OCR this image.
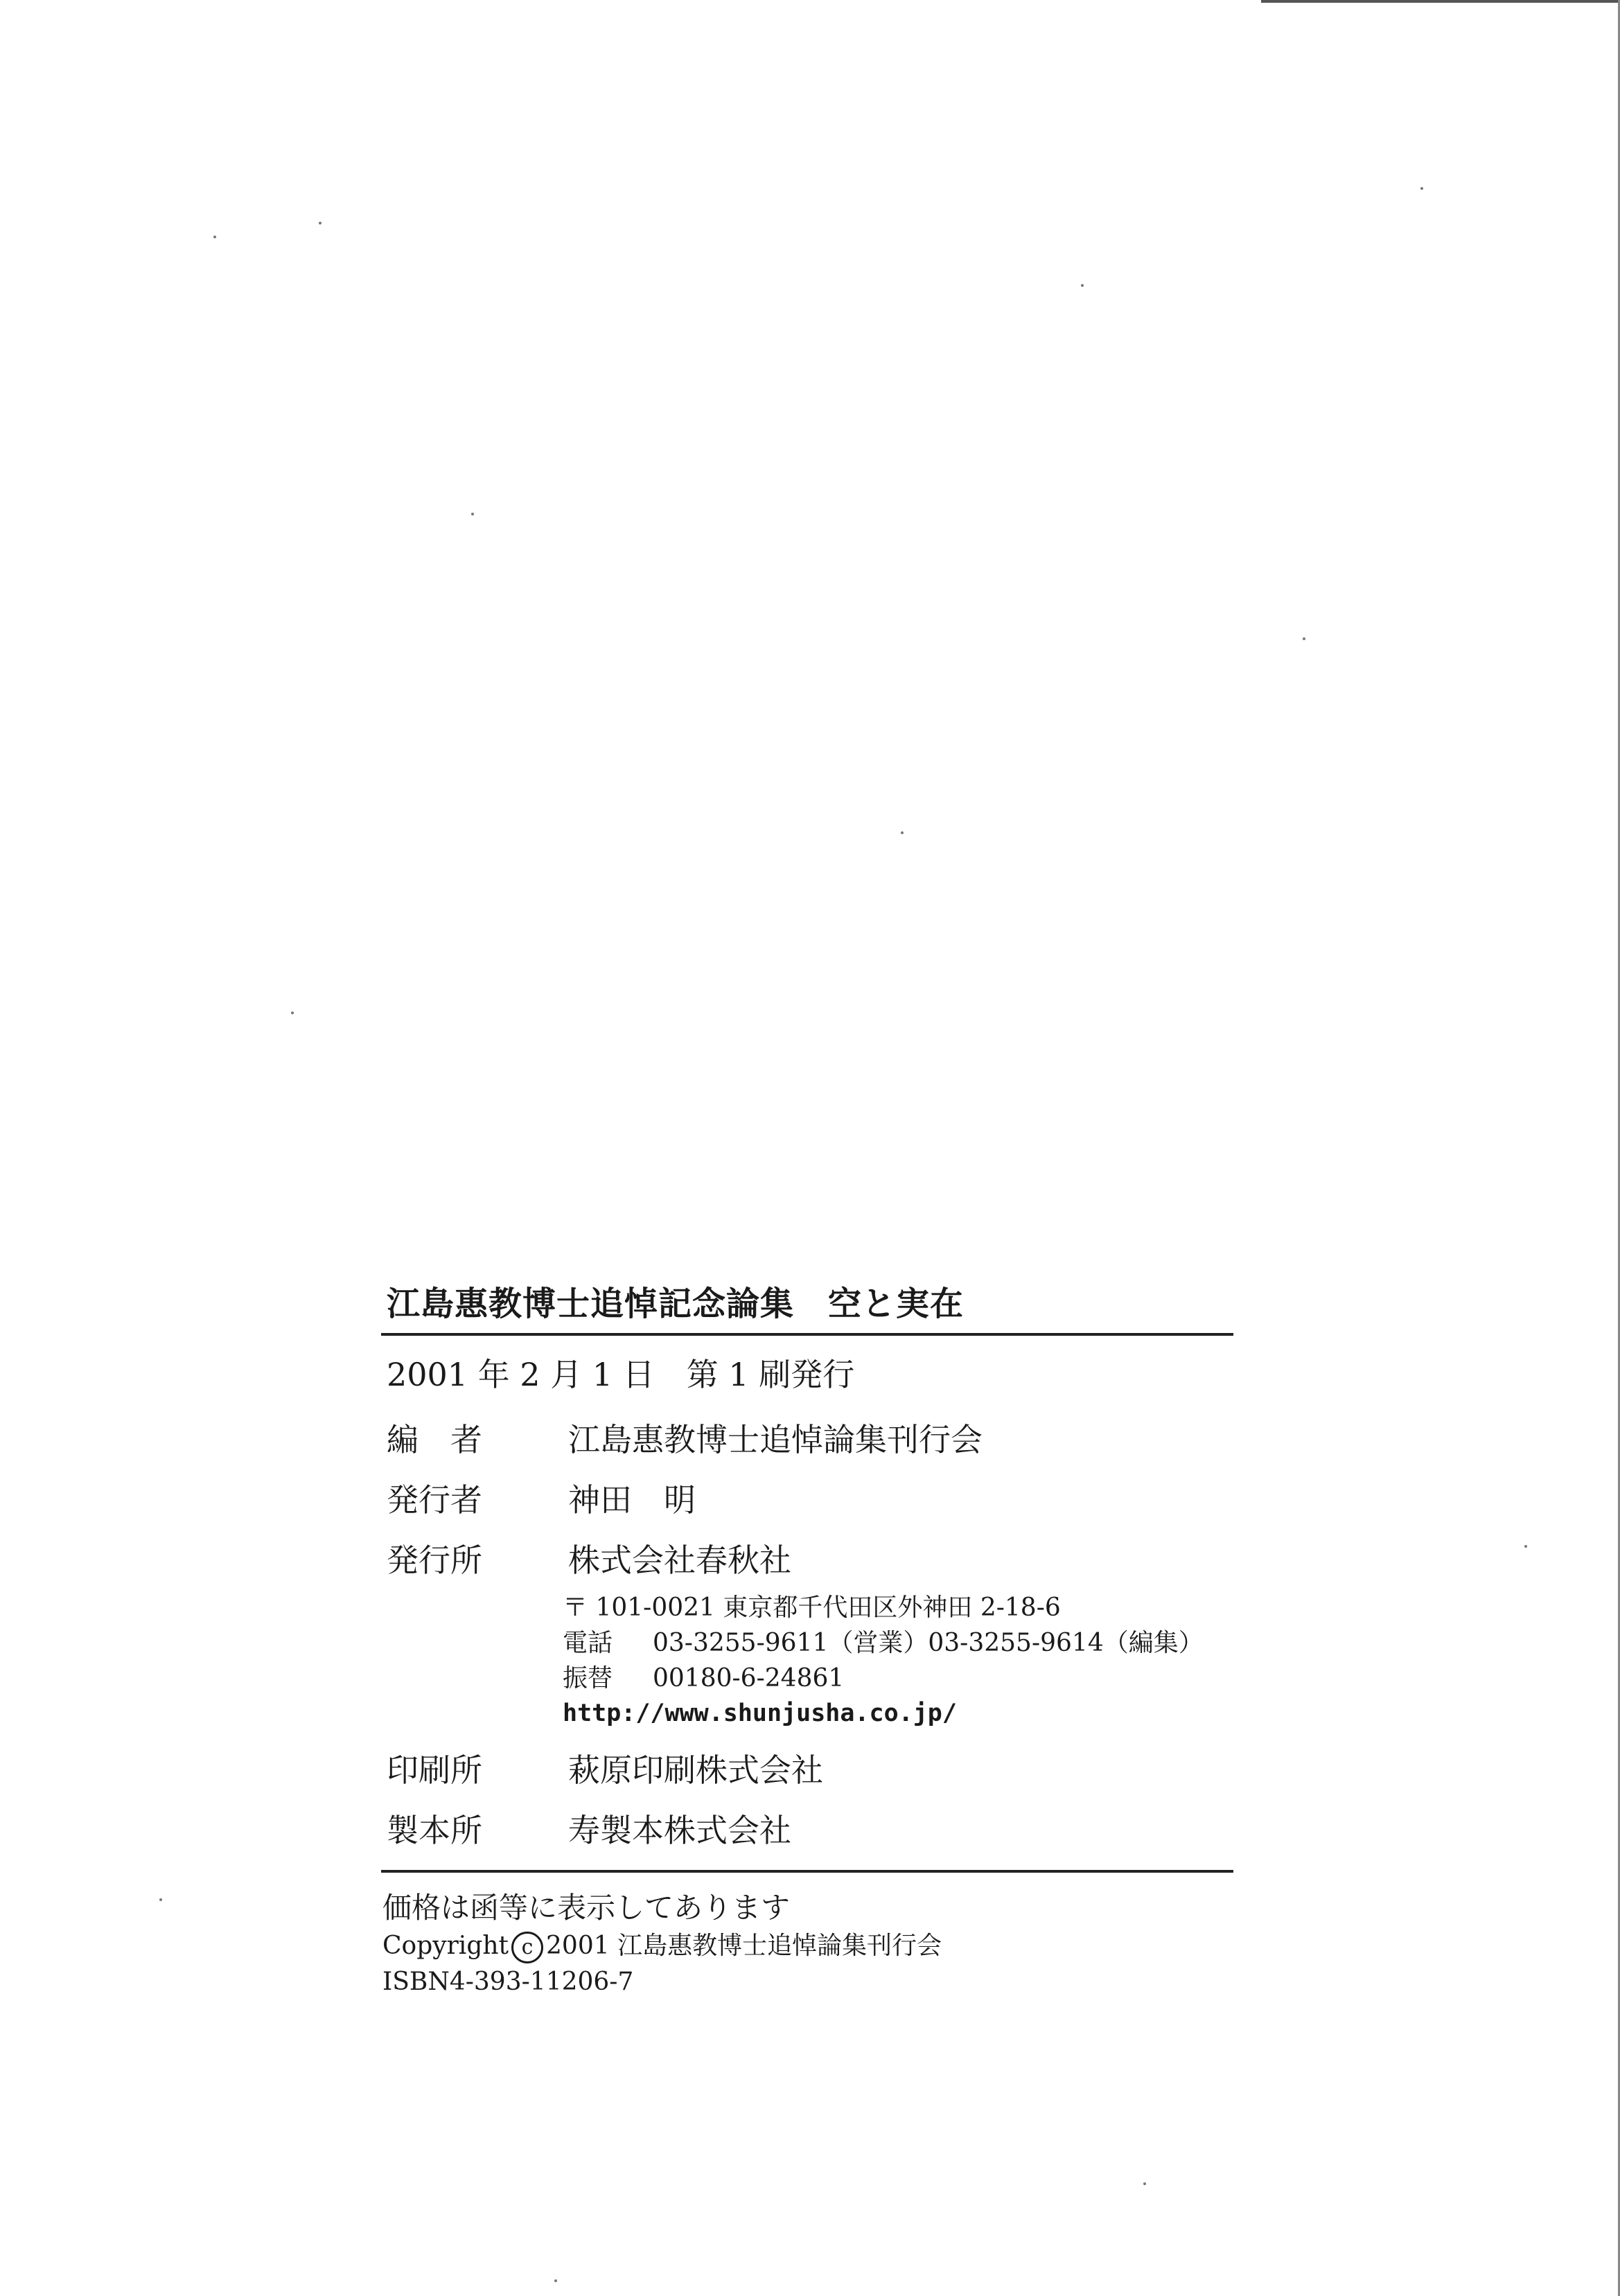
江島惠教博士追悼記念論集　空と実在
2001 年 2 月 1 日　第 1 刷発行
編者	江島惠教博士追悼論集刊行会
発行者	神田　明
発行所	株式会社春秋社
〒 101-0021 東京都千代田区外神田 2-18-6
電話 03-3255-9611（営業）03-3255-9614（編集）
振替 00180-6-24861
http://www.shunjusha.co.jp/
印刷所	萩原印刷株式会社
製本所	寿製本株式会社
価格は函等に表示してあります
Copyright c 2001 江島惠教博士追悼論集刊行会
ISBN4-393-11206-7
